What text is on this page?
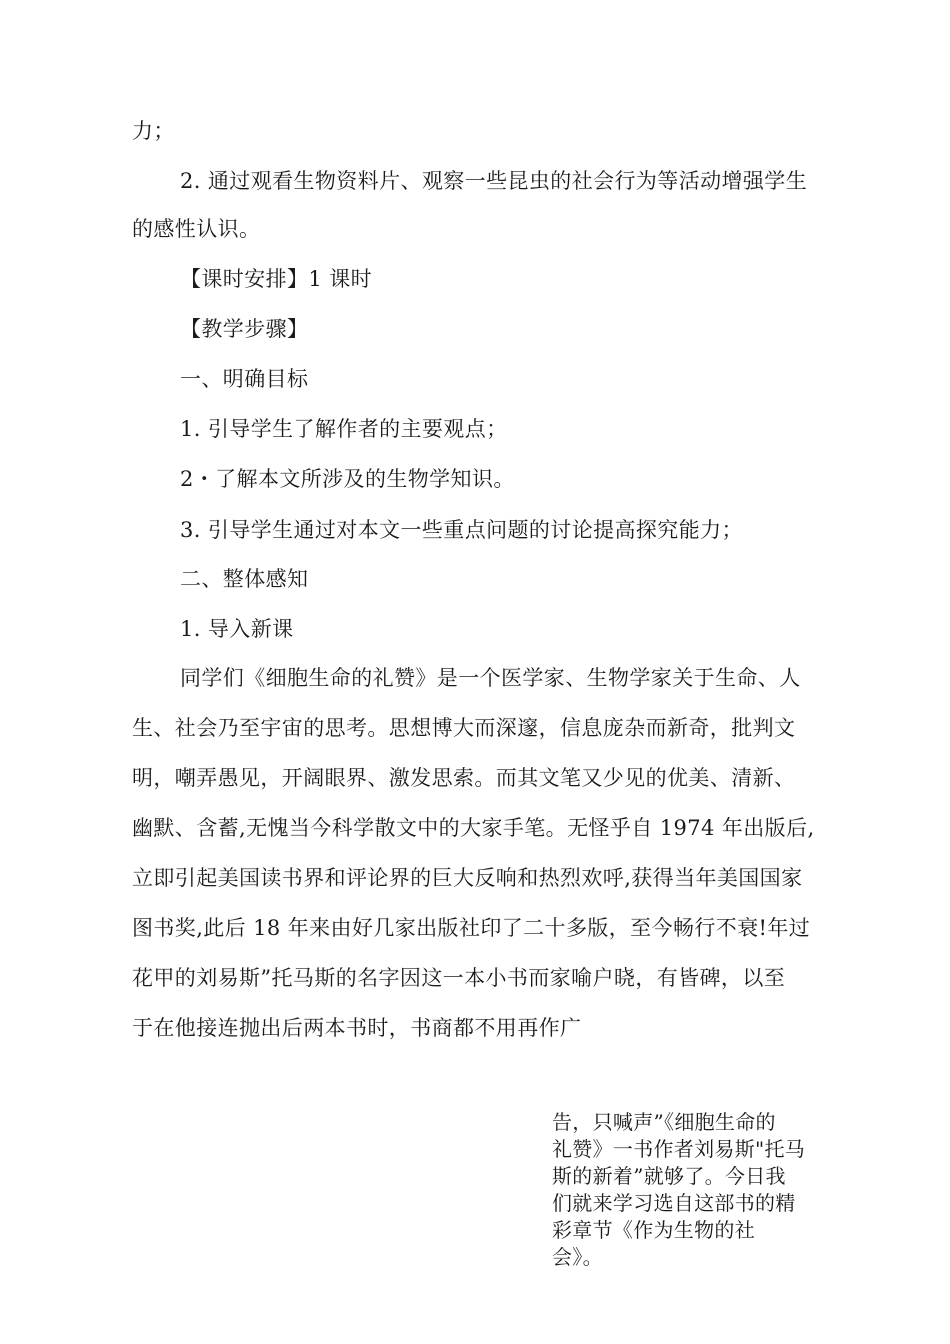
力；
2. 通过观看生物资料片、观察一些昆虫的社会行为等活动增强学生
的感性认识。
【课时安排】1 课时
【教学步骤】
一、明确目标
1. 引导学生了解作者的主要观点；
2・了解本文所涉及的生物学知识。
3. 引导学生通过对本文一些重点问题的讨论提高探究能力；
二、整体感知
1. 导入新课
同学们《细胞生命的礼赞》是一个医学家、生物学家关于生命、人
生、社会乃至宇宙的思考。思想博大而深邃，信息庞杂而新奇，批判文
明，嘲弄愚见，开阔眼界、激发思索。而其文笔又少见的优美、清新、
幽默、含蓄,无愧当今科学散文中的大家手笔。无怪乎自 1974 年出版后,
立即引起美国读书界和评论界的巨大反响和热烈欢呼,获得当年美国国家
图书奖,此后 18 年来由好几家出版社印了二十多版，至今畅行不衰!年过
花甲的刘易斯”托马斯的名字因这一本小书而家喻户晓，有皆碑，以至
于在他接连抛出后两本书时，书商都不用再作广
告，只喊声”《细胞生命的
礼赞》一书作者刘易斯"托马
斯的新着”就够了。今日我
们就来学习选自这部书的精
彩章节《作为生物的社
会》。
